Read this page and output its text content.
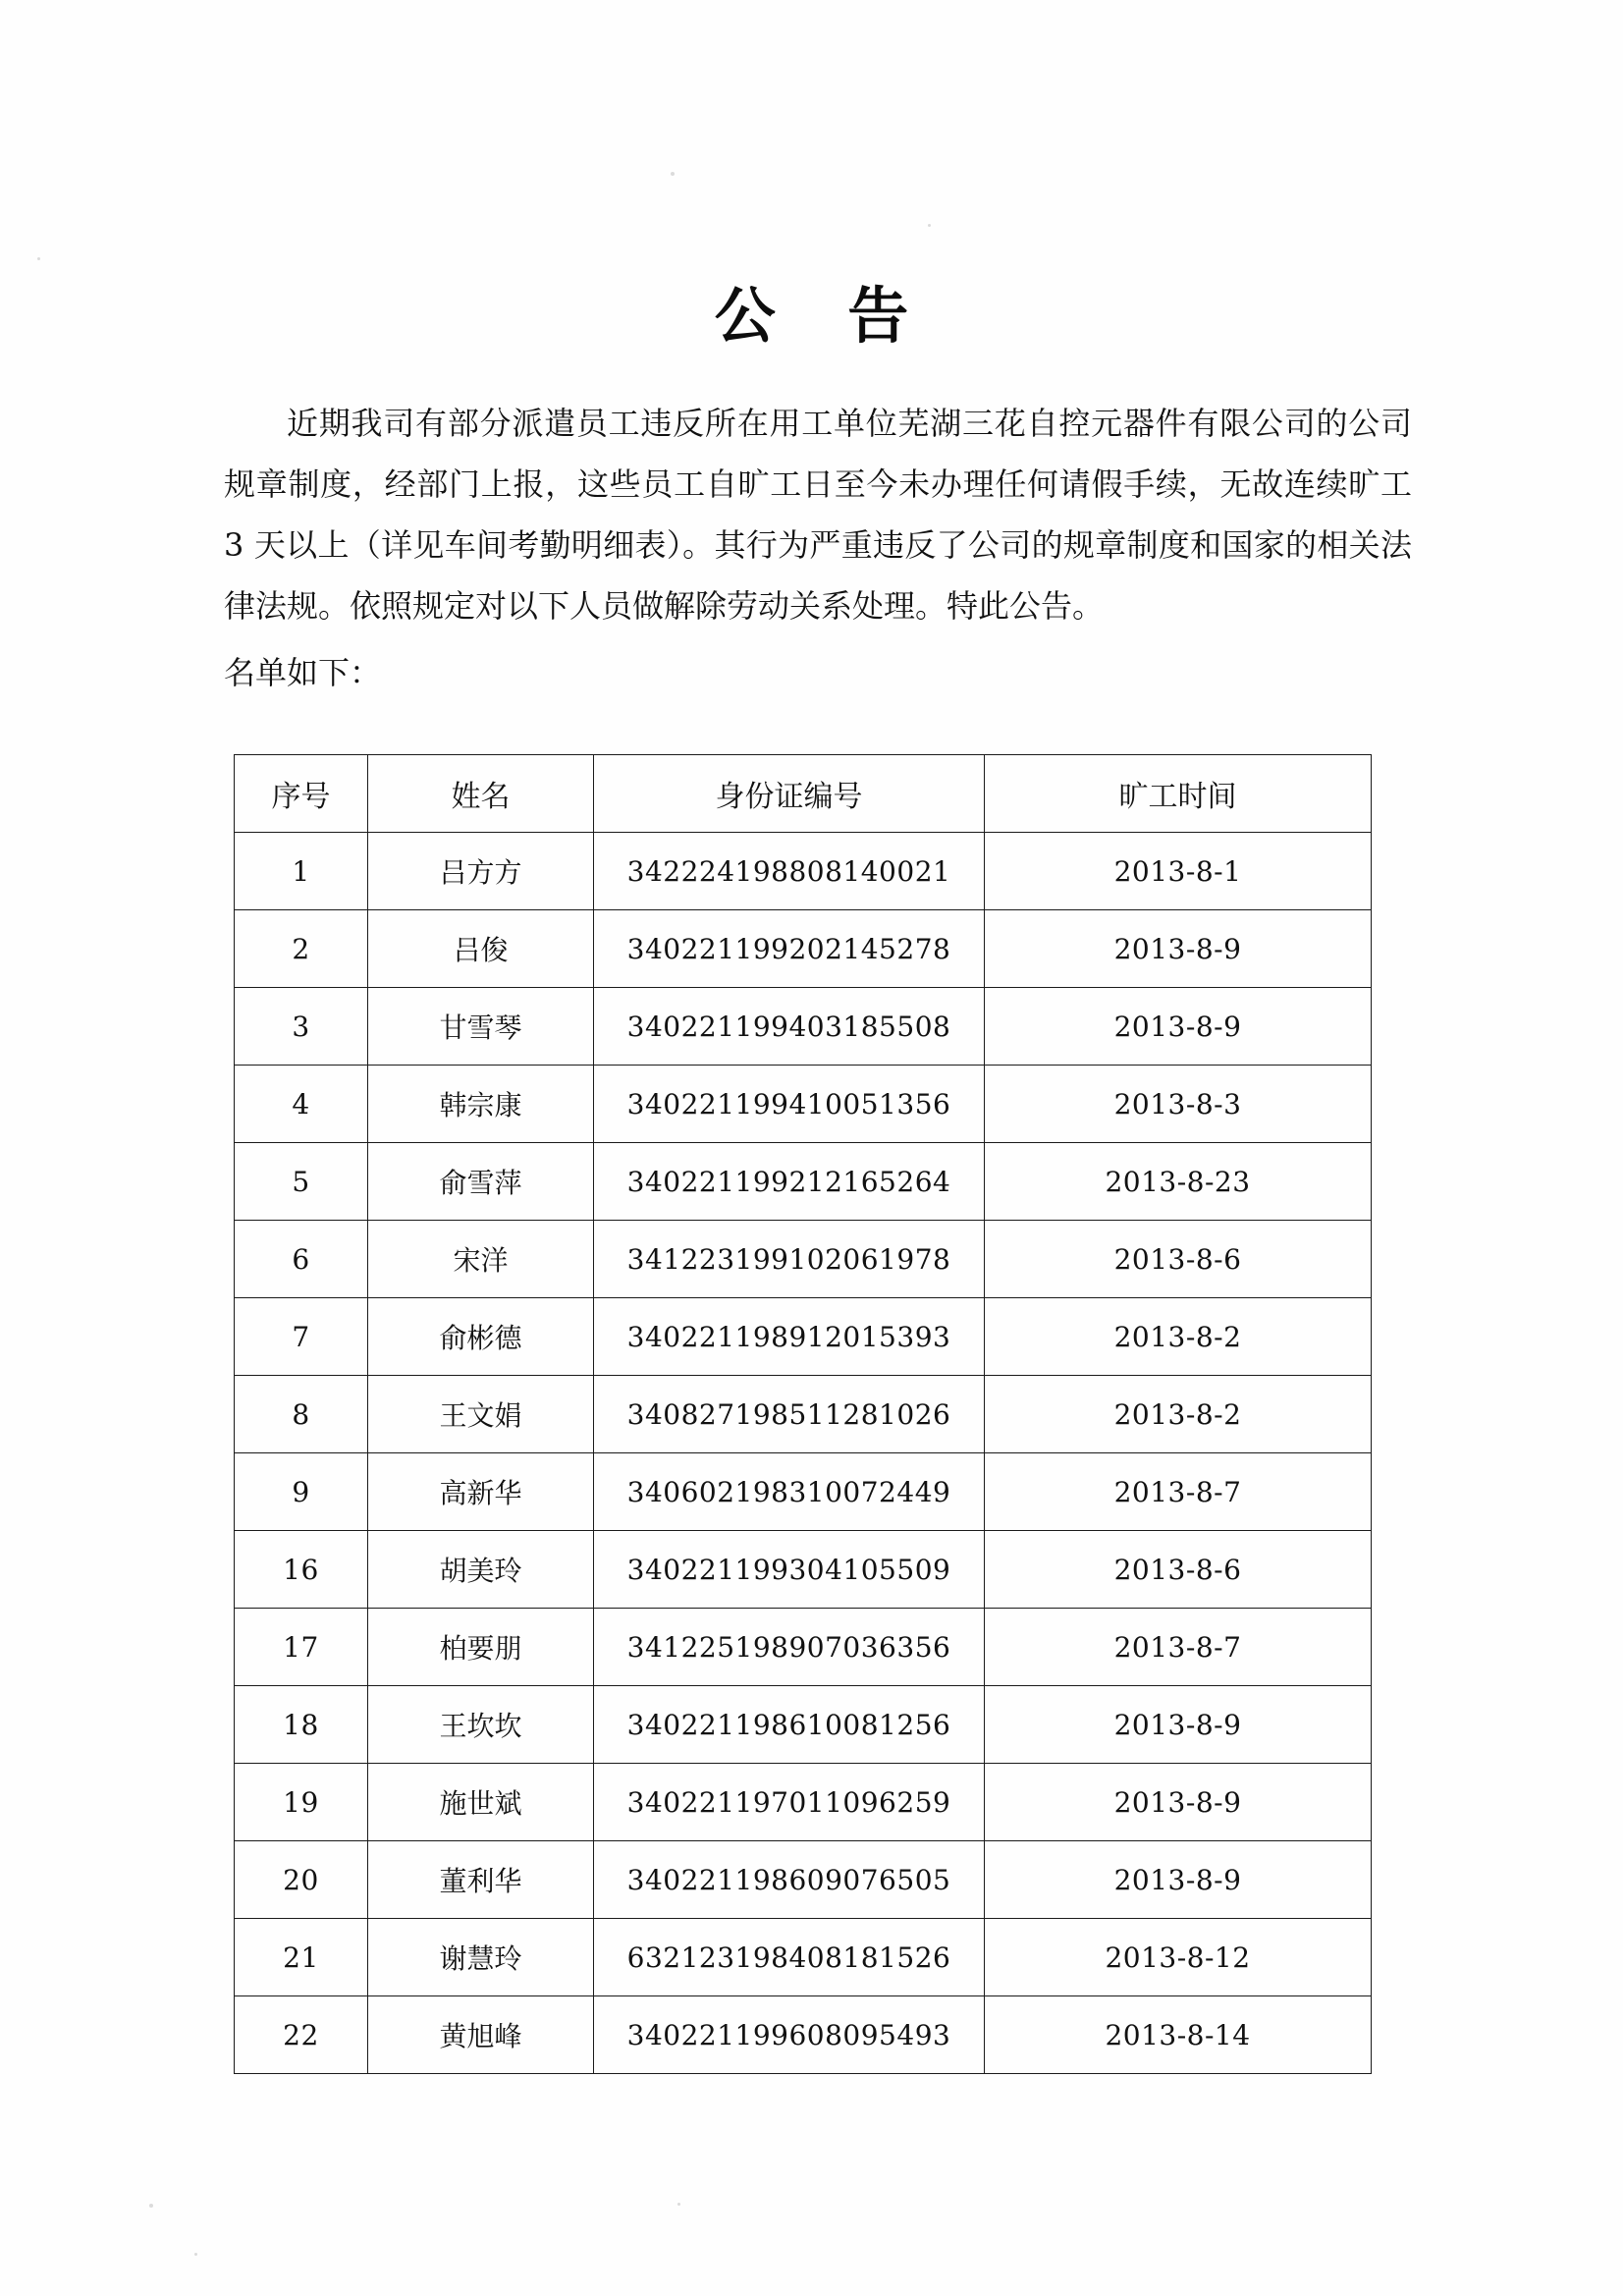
公 告

近期我司有部分派遣员工违反所在用工单位芜湖三花自控元器件有限公司的公司规章制度，经部门上报，这些员工自旷工日至今未办理任何请假手续，无故连续旷工 3 天以上（详见车间考勤明细表）。其行为严重违反了公司的规章制度和国家的相关法律法规。依照规定对以下人员做解除劳动关系处理。特此公告。

名单如下：
序号	姓名	身份证编号	旷工时间
1	吕方方	342224198808140021	2013-8-1
2	吕俊	340221199202145278	2013-8-9
3	甘雪琴	340221199403185508	2013-8-9
4	韩宗康	340221199410051356	2013-8-3
5	俞雪萍	340221199212165264	2013-8-23
6	宋洋	341223199102061978	2013-8-6
7	俞彬德	340221198912015393	2013-8-2
8	王文娟	340827198511281026	2013-8-2
9	高新华	340602198310072449	2013-8-7
16	胡美玲	340221199304105509	2013-8-6
17	柏要朋	341225198907036356	2013-8-7
18	王坎坎	340221198610081256	2013-8-9
19	施世斌	340221197011096259	2013-8-9
20	董利华	340221198609076505	2013-8-9
21	谢慧玲	632123198408181526	2013-8-12
22	黄旭峰	340221199608095493	2013-8-14
